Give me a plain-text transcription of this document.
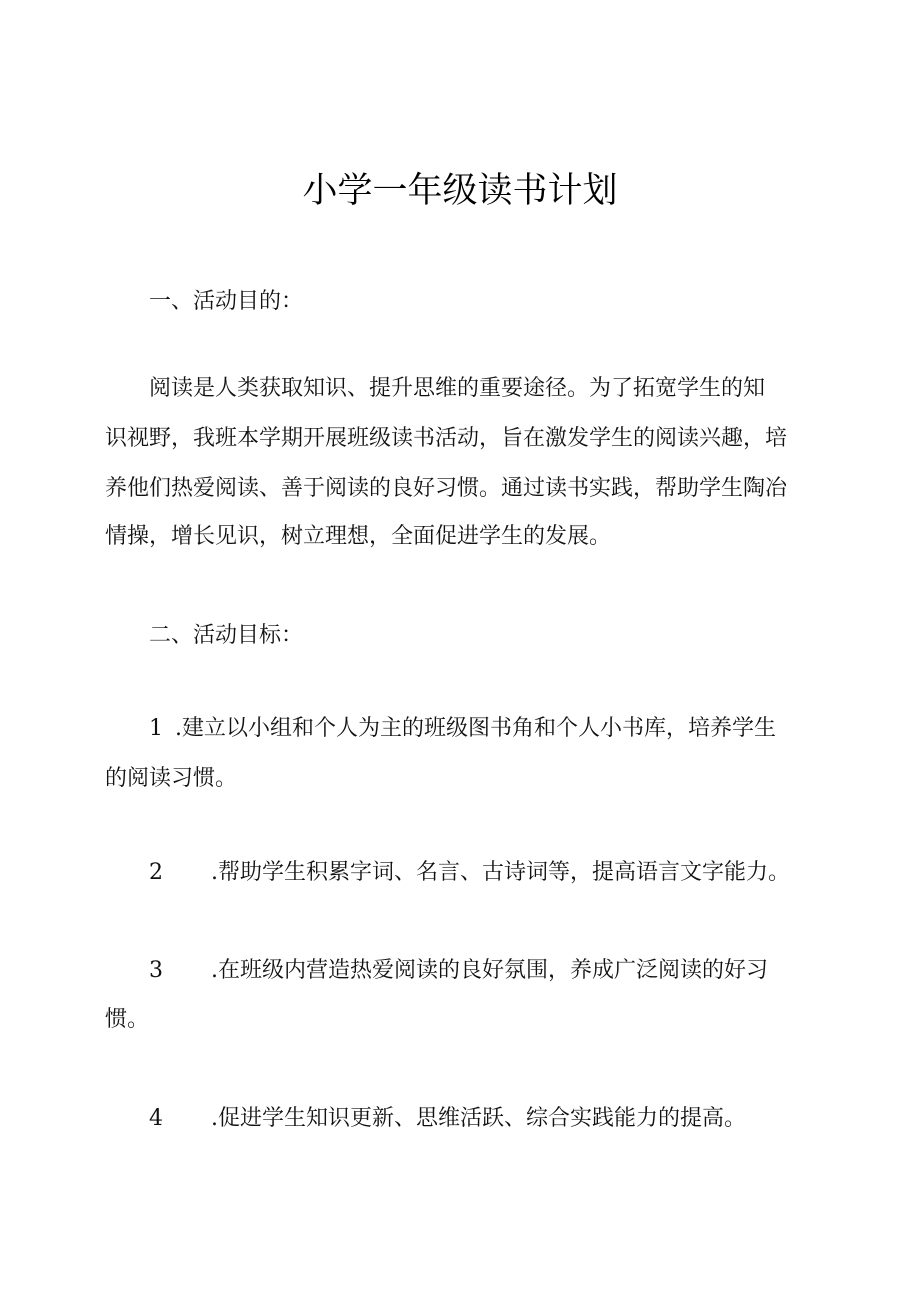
小学一年级读书计划
一、活动目的：
阅读是人类获取知识、提升思维的重要途径。为了拓宽学生的知
识视野，我班本学期开展班级读书活动，旨在激发学生的阅读兴趣，培
养他们热爱阅读、善于阅读的良好习惯。通过读书实践，帮助学生陶冶
情操，增长见识，树立理想，全面促进学生的发展。
二、活动目标：
1 .建立以小组和个人为主的班级图书角和个人小书库，培养学生
的阅读习惯。
2 .帮助学生积累字词、名言、古诗词等，提高语言文字能力。
3 .在班级内营造热爱阅读的良好氛围，养成广泛阅读的好习
惯。
4 .促进学生知识更新、思维活跃、综合实践能力的提高。
